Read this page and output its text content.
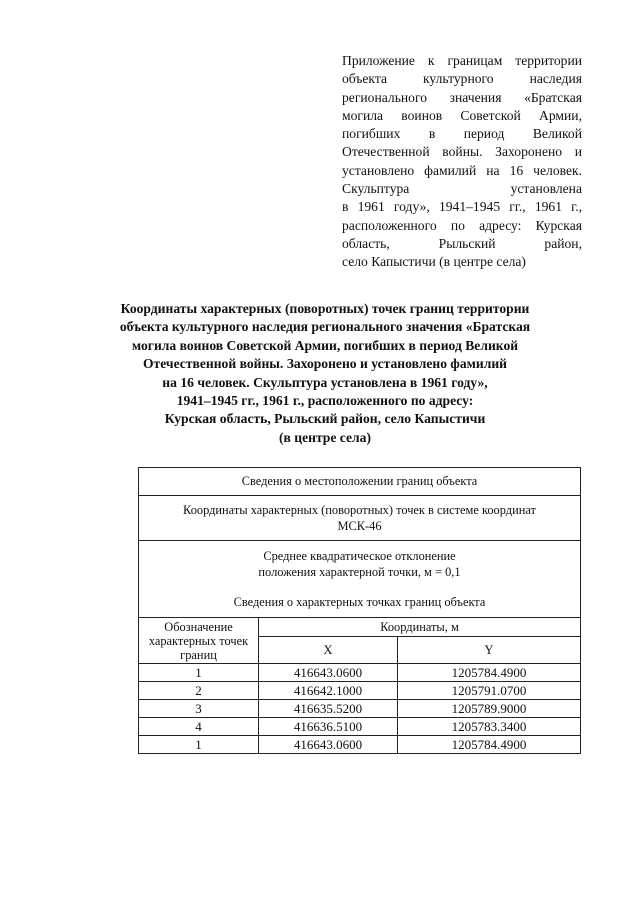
Приложение к границам территории
объекта культурного наследия
регионального значения «Братская
могила воинов Советской Армии,
погибших в период Великой
Отечественной войны. Захоронено и
установлено фамилий на 16 человек.
Скульптура установлена
в 1961 году», 1941–1945 гг., 1961 г.,
расположенного по адресу: Курская
область, Рыльский район,
село Капыстичи (в центре села)
Координаты характерных (поворотных) точек границ территории
объекта культурного наследия регионального значения «Братская
могила воинов Советской Армии, погибших в период Великой
Отечественной войны. Захоронено и установлено фамилий
на 16 человек. Скульптура установлена в 1961 году»,
1941–1945 гг., 1961 г., расположенного по адресу:
Курская область, Рыльский район, село Капыстичи
(в центре села)
Сведения о местоположении границ объекта		
Координаты характерных (поворотных) точек в системе координат
МСК-46		
Среднее квадратическое отклонение
положения характерной точки, м = 0,1
Сведения о характерных точках границ объекта		
Обозначение
характерных точек
границ	Координаты, м	
	X	Y
1	416643.0600	1205784.4900
2	416642.1000	1205791.0700
3	416635.5200	1205789.9000
4	416636.5100	1205783.3400
1	416643.0600	1205784.4900
